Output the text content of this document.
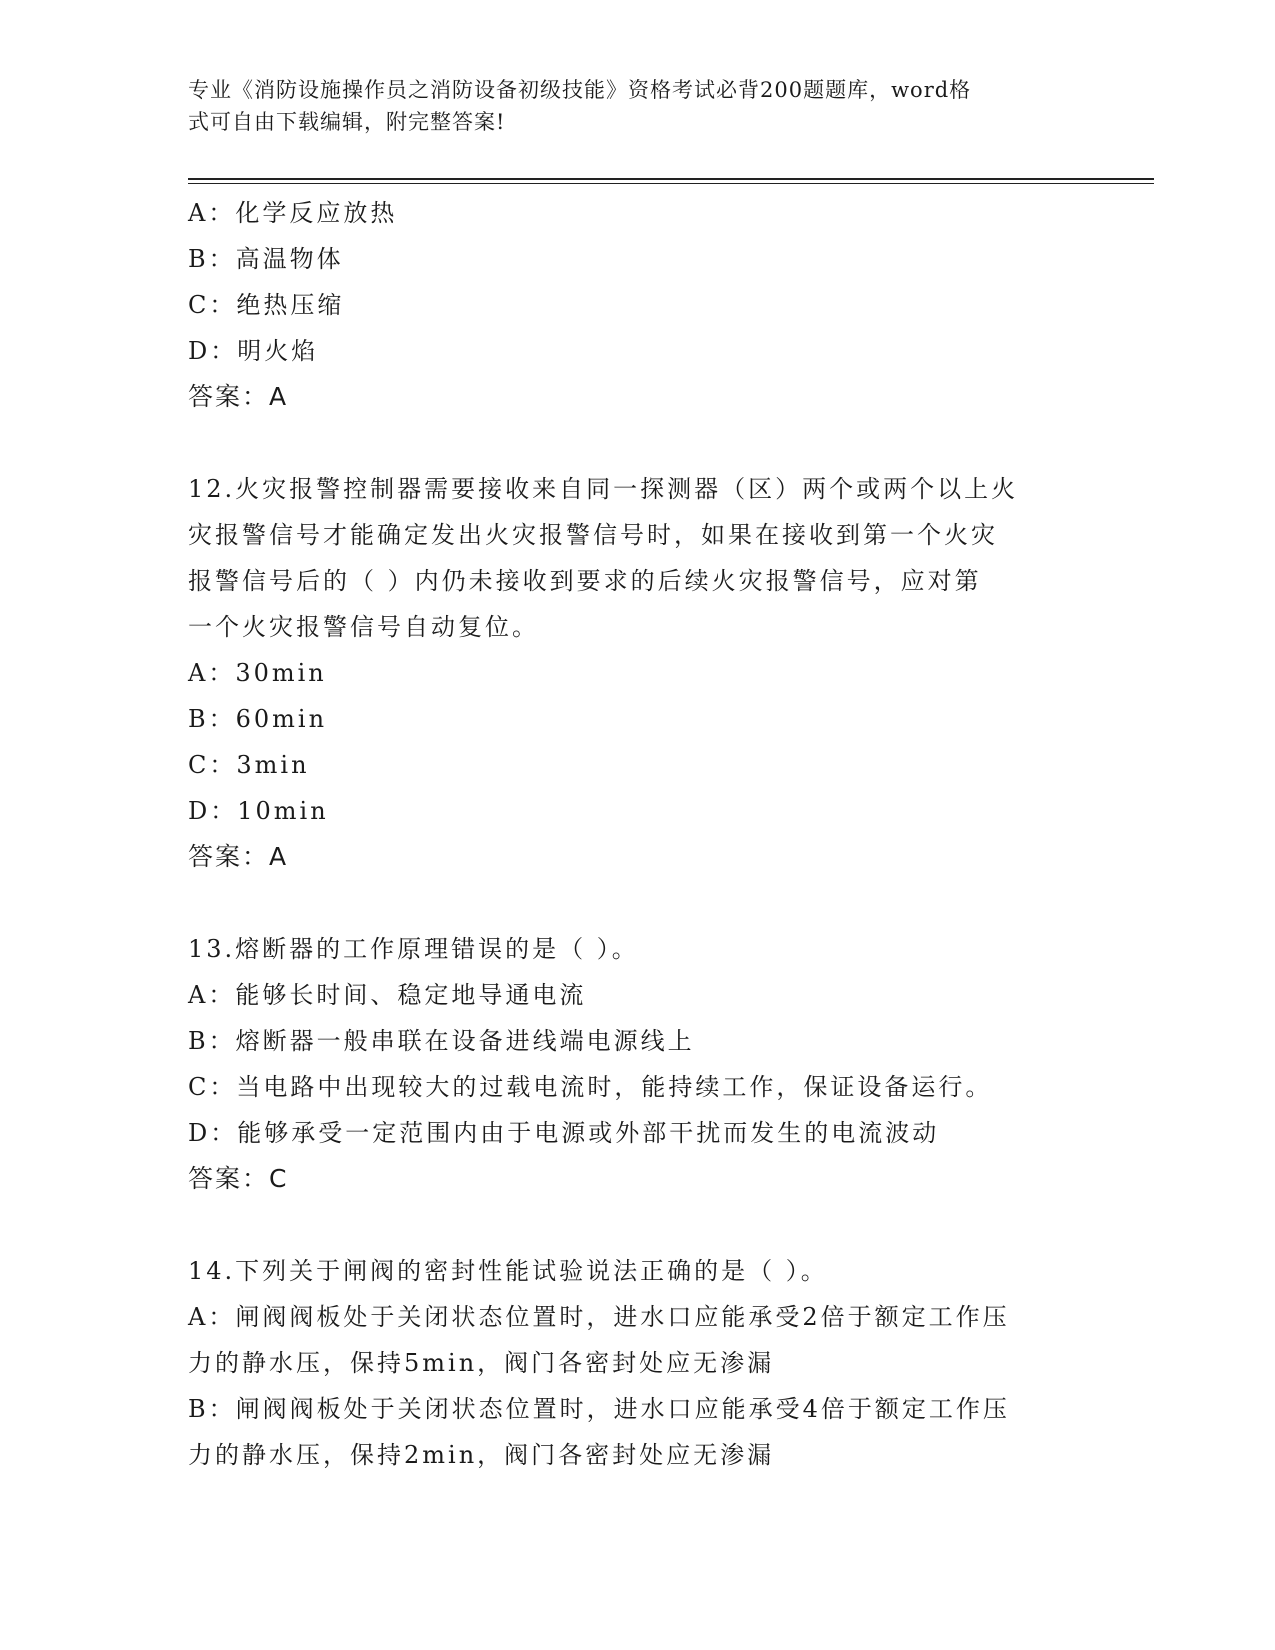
专业《消防设施操作员之消防设备初级技能》资格考试必背200题题库，word格
式可自由下载编辑，附完整答案!
A：化学反应放热
B：高温物体
C：绝热压缩
D：明火焰
答案：A
12.火灾报警控制器需要接收来自同一探测器（区）两个或两个以上火
灾报警信号才能确定发出火灾报警信号时，如果在接收到第一个火灾
报警信号后的（ ）内仍未接收到要求的后续火灾报警信号，应对第
一个火灾报警信号自动复位。
A：30min
B：60min
C：3min
D：10min
答案：A
13.熔断器的工作原理错误的是（ ）。
A：能够长时间、稳定地导通电流
B：熔断器一般串联在设备进线端电源线上
C：当电路中出现较大的过载电流时，能持续工作，保证设备运行。
D：能够承受一定范围内由于电源或外部干扰而发生的电流波动
答案：C
14.下列关于闸阀的密封性能试验说法正确的是（ ）。
A：闸阀阀板处于关闭状态位置时，进水口应能承受2倍于额定工作压
力的静水压，保持5min，阀门各密封处应无渗漏
B：闸阀阀板处于关闭状态位置时，进水口应能承受4倍于额定工作压
力的静水压，保持2min，阀门各密封处应无渗漏
